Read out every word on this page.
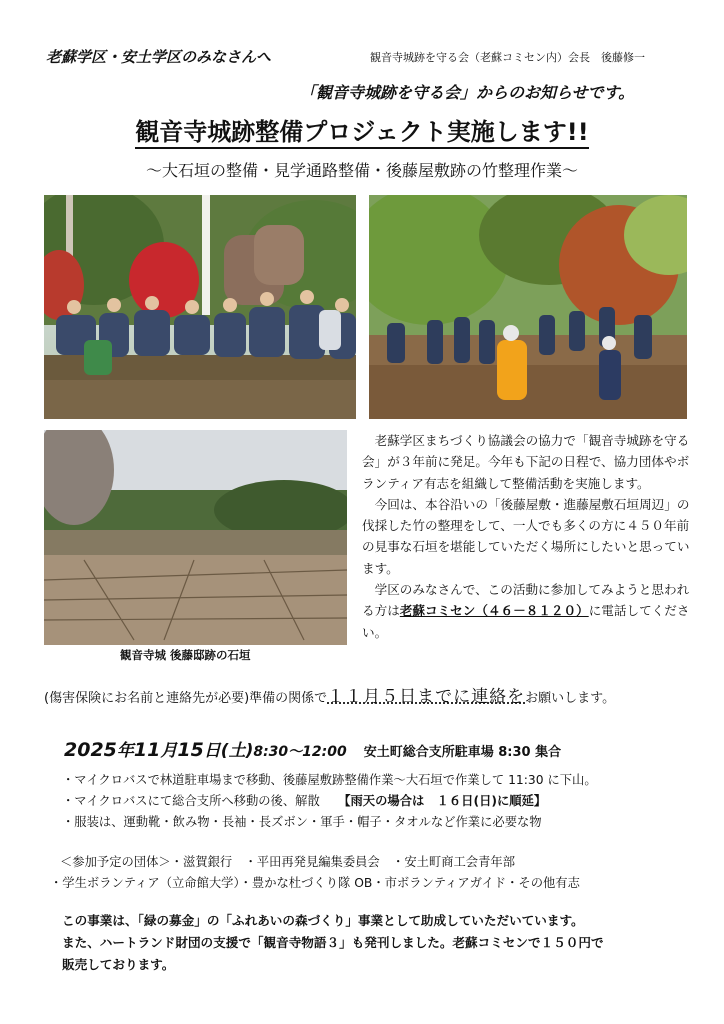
老蘇学区・安土学区のみなさんへ	観音寺城跡を守る会（老蘇コミセン内）会長　後藤修一
「観音寺城跡を守る会」からのお知らせです。
観音寺城跡整備プロジェクト実施します!!
～大石垣の整備・見学通路整備・後藤屋敷跡の竹整理作業～
観音寺城 後藤邸跡の石垣

老蘇学区まちづくり協議会の協力で「観音寺城跡を守る会」が３年前に発足。今年も下記の日程で、協力団体やボランティア有志を組織して整備活動を実施します。

今回は、本谷沿いの「後藤屋敷・進藤屋敷石垣周辺」の伐採した竹の整理をして、一人でも多くの方に４５０年前の見事な石垣を堪能していただく場所にしたいと思っています。

学区のみなさんで、この活動に参加してみようと思われる方は老蘇コミセン（４６－８１２０）に電話してください。

(傷害保険にお名前と連絡先が必要)準備の関係で１１月５日までに連絡をお願いします。
2025年11月15日(土)8:30～12:00　 安土町総合支所駐車場 8:30 集合
・マイクロバスで林道駐車場まで移動、後藤屋敷跡整備作業～大石垣で作業して 11:30 に下山。
・マイクロバスにて総合支所へ移動の後、解散　　 【雨天の場合は　１６日(日)に順延】
・服装は、運動靴・飲み物・長袖・長ズボン・軍手・帽子・タオルなど作業に必要な物
＜参加予定の団体＞・滋賀銀行　・平田再発見編集委員会　・安土町商工会青年部
・学生ボランティア（立命館大学）・豊かな杜づくり隊 OB・市ボランティアガイド・その他有志
この事業は、「緑の募金」の「ふれあいの森づくり」事業として助成していただいています。
また、ハートランド財団の支援で「観音寺物語３」も発刊しました。老蘇コミセンで１５０円で
販売しております。
